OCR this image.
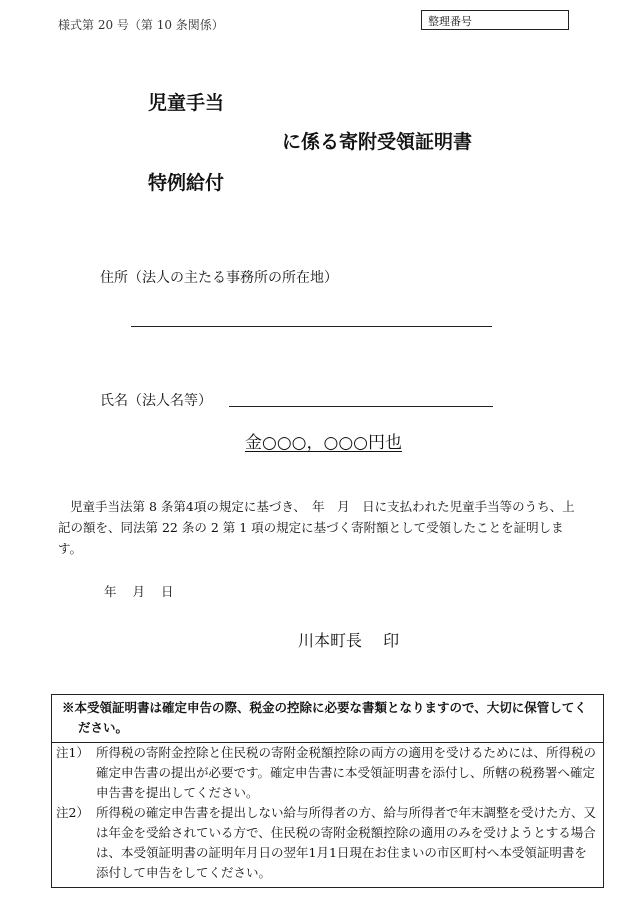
様式第 20 号（第 10 条関係）	整理番号
児童手当
に係る寄附受領証明書
特例給付
住所（法人の主たる事務所の所在地）
氏名（法人名等）
金○○○，○○○円也
児童手当法第 8 条第4項の規定に基づき、　年　月　日に支払われた児童手当等のうち、上記の額を、同法第 22 条の 2 第 1 項の規定に基づく寄附額として受領したことを証明します。
年 月 日
川本町長　 印
※本受領証明書は確定申告の際、税金の控除に必要な書類となりますので、大切に保管してください。
注1） 所得税の寄附金控除と住民税の寄附金税額控除の両方の適用を受けるためには、所得税の確定申告書の提出が必要です。確定申告書に本受領証明書を添付し、所轄の税務署へ確定申告書を提出してください。
注2） 所得税の確定申告書を提出しない給与所得者の方、給与所得者で年末調整を受けた方、又は年金を受給されている方で、住民税の寄附金税額控除の適用のみを受けようとする場合は、本受領証明書の証明年月日の翌年1月1日現在お住まいの市区町村へ本受領証明書を添付して申告をしてください。
